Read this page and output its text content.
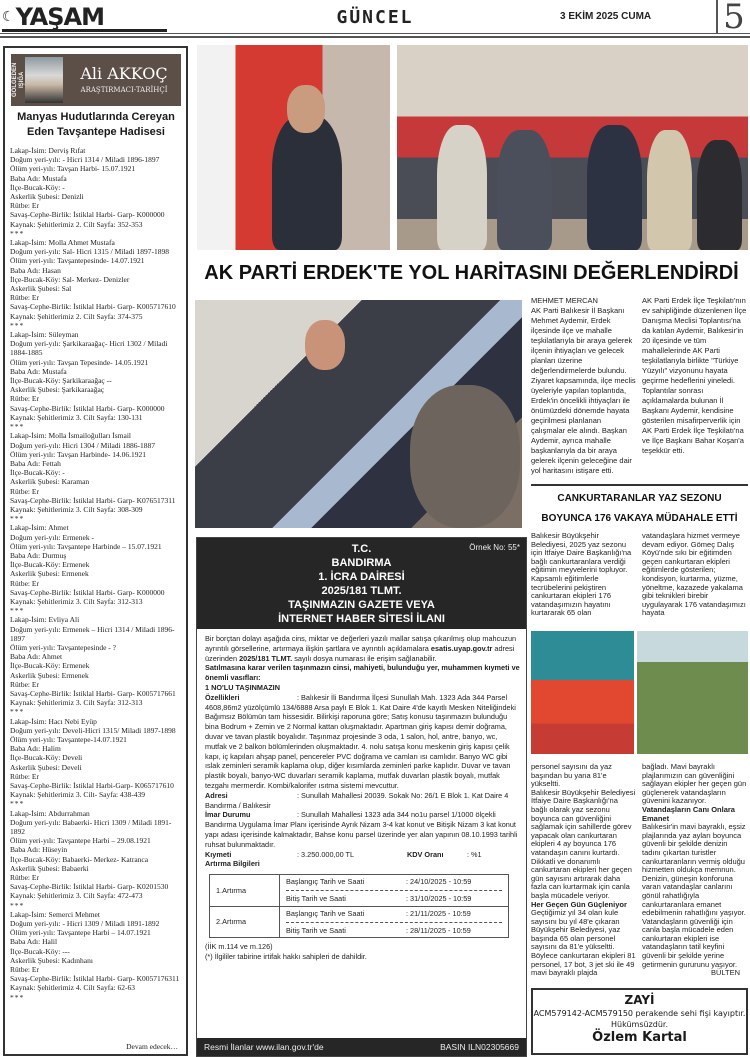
☾YAŞAM	GÜNCEL	3 EKİM 2025 CUMA	5
GÖLGEDEN IŞIĞA	Ali AKKOÇ
ARAŞTIRMACI-TARİHÇİ
Manyas Hudutlarında Cereyan Eden Tavşantepe Hadisesi
Lakap-İsim: Derviş Rıfat
Doğum yeri-yılı: - Hicri 1314 / Miladi 1896-1897
Ölüm yeri-yılı: Tavşan Harbi- 15.07.1921
Baba Adı: Mustafa
İlçe-Bucak-Köy: -
Askerlik Şubesi: Denizli
Rütbe: Er
Savaş-Cephe-Birlik: İstiklal Harbi- Garp- K000000
Kaynak: Şehitlerimiz 2. Cilt Sayfa: 352-353
***
Lakap-İsim: Molla Ahmet Mustafa
Doğum yeri-yılı: Sal- Hicri 1315 / Miladi 1897-1898
Ölüm yeri-yılı: Tavşantepesinde- 14.07.1921
Baba Adı: Hasan
İlçe-Bucak-Köy: Sal- Merkez- Denizler
Askerlik Şubesi: Sal
Rütbe: Er
Savaş-Cephe-Birlik: İstiklal Harbi- Garp- K005717610
Kaynak: Şehitlerimiz 2. Cilt Sayfa: 374-375
***
Lakap-İsim: Süleyman
Doğum yeri-yılı: Şarkikaraağaç- Hicri 1302 / Miladi 1884-1885
Ölüm yeri-yılı: Tavşan Tepesinde- 14.05.1921
Baba Adı: Mustafa
İlçe-Bucak-Köy: Şarkikaraağaç --
Askerlik Şubesi: Şarkikaraağaç
Rütbe: Er
Savaş-Cephe-Birlik: İstiklal Harbi- Garp- K000000
Kaynak: Şehitlerimiz 3. Cilt Sayfa: 130-131
***
Lakap-İsim: Molla İsmailoğulları İsmail
Doğum yeri-yılı: Hicri 1304 / Miladi 1886-1887
Ölüm yeri-yılı: Tavşan Harbinde- 14.06.1921
Baba Adı: Fettah
İlçe-Bucak-Köy: -
Askerlik Şubesi: Karaman
Rütbe: Er
Savaş-Cephe-Birlik: İstiklal Harbi- Garp- K076517311
Kaynak: Şehitlerimiz 3. Cilt Sayfa: 308-309
***
Lakap-İsim: Ahmet
Doğum yeri-yılı: Ermenek -
Ölüm yeri-yılı: Tavşantepe Harbinde – 15.07.1921
Baba Adı: Durmuş
İlçe-Bucak-Köy: Ermenek
Askerlik Şubesi: Ermenek
Rütbe: Er
Savaş-Cephe-Birlik: İstiklal Harbi- Garp- K000000
Kaynak: Şehitlerimiz 3. Cilt Sayfa: 312-313
***
Lakap-İsim: Evliya Ali
Doğum yeri-yılı: Ermenek – Hicri 1314 / Miladi 1896-1897
Ölüm yeri-yılı: Tavşantepesinde - ?
Baba Adı: Ahmet
İlçe-Bucak-Köy: Ermenek
Askerlik Şubesi: Ermenek
Rütbe: Er
Savaş-Cephe-Birlik: İstiklal Harbi- Garp- K005717661
Kaynak: Şehitlerimiz 3. Cilt Sayfa: 312-313
***
Lakap-İsim: Hacı Nebi Eyüp
Doğum yeri-yılı: Develi-Hicri 1315/ Miladi 1897-1898
Ölüm yeri-yılı: Tavşantepe-14.07.1921
Baba Adı: Halim
İlçe-Bucak-Köy: Develi
Askerlik Şubesi: Develi
Rütbe: Er
Savaş-Cephe-Birlik: İstiklal Harbi-Garp- K065717610
Kaynak: Şehitlerimiz 3. Cilt- Sayfa: 438-439
***
Lakap-İsim: Abdurrahman
Doğum yeri-yılı: Babaerki- Hicri 1309 / Miladi 1891-1892
Ölüm yeri-yılı: Tavşantepe Harbi – 29.08.1921
Baba Adı: Hüseyin
İlçe-Bucak-Köy: Babaerki- Merkez- Katranca
Askerlik Şubesi: Babaerki
Rütbe: Er
Savaş-Cephe-Birlik: İstiklal Harbi- Garp- K0201530
Kaynak: Şehitlerimiz 3. Cilt Sayfa: 472-473
***
Lakap-İsim: Semerci Mehmet
Doğum yeri-yılı: - Hicri 1309 / Miladi 1891-1892
Ölüm yeri-yılı: Tavşantepe Harbi – 14.07.1921
Baba Adı: Halil
İlçe-Bucak-Köy: ---
Askerlik Şubesi: Kadınhanı
Rütbe: Er
Savaş-Cephe-Birlik: İstiklal Harbi- Garp- K0057176311
Kaynak: Şehitlerimiz 4. Cilt Sayfa: 62-63
***
Devam edecek…
AK PARTİ ERDEK'TE YOL HARİTASINI DEĞERLENDİRDİ
MEHMET MERCAN
AK Parti Balıkesir İl Başkanı Mehmet Aydemir, Erdek ilçesinde ilçe ve mahalle teşkilatlarıyla bir araya gelerek ilçenin ihtiyaçları ve gelecek planları üzerine değerlendirmelerde bulundu.
Ziyaret kapsamında, ilçe meclis üyeleriyle yapılan toplantıda, Erdek'in öncelikli ihtiyaçları ile önümüzdeki dönemde hayata geçirilmesi planlanan çalışmalar ele alındı. Başkan Aydemir, ayrıca mahalle başkanlarıyla da bir araya gelerek ilçenin geleceğine dair yol haritasını istişare etti.
AK Parti Erdek İlçe Teşkilatı'nın ev sahipliğinde düzenlenen İlçe Danışma Meclisi Toplantısı'na da katılan Aydemir, Balıkesir'in 20 ilçesinde ve tüm mahallelerinde AK Parti teşkilatlarıyla birlikte "Türkiye Yüzyılı" vizyonunu hayata geçirme hedeflerini yineledi.
Toplantılar sonrası açıklamalarda bulunan İl Başkanı Aydemir, kendisine gösterilen misafirperverlik için AK Parti Erdek İlçe Teşkilatı'na ve İlçe Başkanı Bahar Koşan'a teşekkür etti.
CANKURTARANLAR YAZ SEZONU
BOYUNCA 176 VAKAYA MÜDAHALE ETTİ
Balıkesir Büyükşehir Belediyesi, 2025 yaz sezonu için İtfaiye Daire Başkanlığı'na bağlı cankurtaranlara verdiği eğitimin meyvelerini topluyor. Kapsamlı eğitimlerle tecrübelerini pekiştiren cankurtaran ekipleri 176 vatandaşımızın hayatını kurtararak 65 olan
vatandaşlara hizmet vermeye devam ediyor. Gömeç Dalış Köyü'nde sıkı bir eğitimden geçen cankurtaran ekipleri eğitimlerde gösterilen; kondisyon, kurtarma, yüzme, yöneltme, kazazede yakalama gibi teknikleri birebir uygulayarak 176 vatandaşımızı hayata
personel sayısını da yaz başından bu yana 81'e yükseltti.
Balıkesir Büyükşehir Belediyesi İtfaiye Daire Başkanlığı'na bağlı olarak yaz sezonu boyunca can güvenliğini sağlamak için sahillerde görev yapacak olan cankurtaran ekipleri 4 ay boyunca 176 vatandaşın canını kurtardı. Dikkatli ve donanımlı cankurtaran ekipleri her geçen gün sayısını artırarak daha fazla can kurtarmak için canla başla mücadele veriyor.
Her Geçen Gün Güçleniyor
Geçtiğimiz yıl 34 olan kule sayısını bu yıl 48'e çıkaran Büyükşehir Belediyesi, yaz başında 65 olan personel sayısını da 81'e yükseltti. Böylece cankurtaran ekipleri 81 personel, 17 bot, 3 jet ski ile 49 mavi bayraklı plajda
bağladı. Mavi bayraklı plajlarımızın can güvenliğini sağlayan ekipler her geçen gün güçlenerek vatandaşların güvenini kazanıyor.
Vatandaşların Canı Onlara Emanet
Balıkesir'in mavi bayraklı, eşsiz plajlarında yaz ayları boyunca güvenli bir şekilde denizin tadını çıkartan turistler cankurtaranların vermiş olduğu hizmetten oldukça memnun. Denizin, güneşin konforuna varan vatandaşlar canlarını gönül rahatlığıyla cankurtaranlara emanet edebilmenin rahatlığını yaşıyor. Vatandaşların güvenliği için canla başla mücadele eden cankurtaran ekipleri ise vatandaşların tatil keyfini güvenli bir şekilde yerine getirmenin gururunu yaşıyor.
BÜLTEN
ZAYİ
ACM579142-ACM579150 perakende sehi fişi kayıptır. Hükümsüzdür.
Özlem Kartal
T.C.
BANDIRMA
1. İCRA DAİRESİ
2025/181 TLMT.
TAŞINMAZIN GAZETE VEYA
İNTERNET HABER SİTESİ İLANI
Örnek No: 55*
Bir borçtan dolayı aşağıda cins, miktar ve değerleri yazılı mallar satışa çıkarılmış olup mahcuzun ayrıntılı görsellerine, artırmaya ilişkin şartlara ve ayrıntılı açıklamalara esatis.uyap.gov.tr adresi üzerinden 2025/181 TLMT. sayılı dosya numarası ile erişim sağlanabilir.
Satılmasına karar verilen taşınmazın cinsi, mahiyeti, bulunduğu yer, muhammen kıymeti ve önemli vasıfları:
1 NO'LU TAŞINMAZIN
Özellikleri	: Balıkesir İli Bandırma İlçesi Sunullah Mah. 1323 Ada 344 Parsel 4608,86m2 yüzölçümlü 134/6888 Arsa paylı E Blok 1. Kat Daire 4'de kayıtlı Mesken Niteliğindeki Bağımsız Bölümün tam hissesidir. Bilirkişi raporuna göre; Satış konusu taşınmazın bulunduğu bina Bodrum + Zemin ve 2 Normal kattan oluşmaktadır. Apartman giriş kapısı demir doğrama, duvar ve tavan plastik boyalıdır. Taşınmaz projesinde 3 oda, 1 salon, hol, antre, banyo, wc, mutfak ve 2 balkon bölümlerinden oluşmaktadır. 4. nolu satışa konu meskenin giriş kapısı çelik kapı, iç kapıları ahşap panel, pencereler PVC doğrama ve camları ısı camlıdır. Banyo WC gibi ıslak zeminleri seramik kaplama olup, diğer kısımlarda zeminleri parke kaplıdır. Duvar ve tavan plastik boyalı, banyo-WC duvarları seramik kaplama, mutfak duvarları plastik boyalı, mutfak tezgahı mermerdir. Kombi/kalorifer ısıtma sistemi mevcuttur.
Adresi	: Sunullah Mahallesi 20039. Sokak No: 26/1 E Blok 1. Kat Daire 4 Bandırma / Balıkesir
İmar Durumu	: Sunullah Mahallesi 1323 ada 344 no1u parsel 1/1000 ölçekli Bandırma Uygulama İmar Planı içerisinde Ayrık Nizam 3-4 kat konut ve Bitişik Nizam 3 kat konut yapı adası içerisinde kalmaktadır, Bahse konu parsel üzerinde yer alan yapının 08.10.1993 tarihli ruhsat bulunmaktadır.
Kıymeti	: 3.250.000,00 TL	KDV Oranı	: %1
Artırma Bilgileri
1.Artırma	Başlangıç Tarih ve Saati : 24/10/2025 - 10:59
Bitiş Tarih ve Saati : 31/10/2025 - 10:59

2.Artırma	Başlangıç Tarih ve Saati : 21/11/2025 - 10:59
Bitiş Tarih ve Saati : 28/11/2025 - 10:59
(İİK m.114 ve m.126)
(*) İlgililer tabirine irtifak hakkı sahipleri de dahildir.
Resmi İlanlar www.ilan.gov.tr'de	BASIN ILN02305669
